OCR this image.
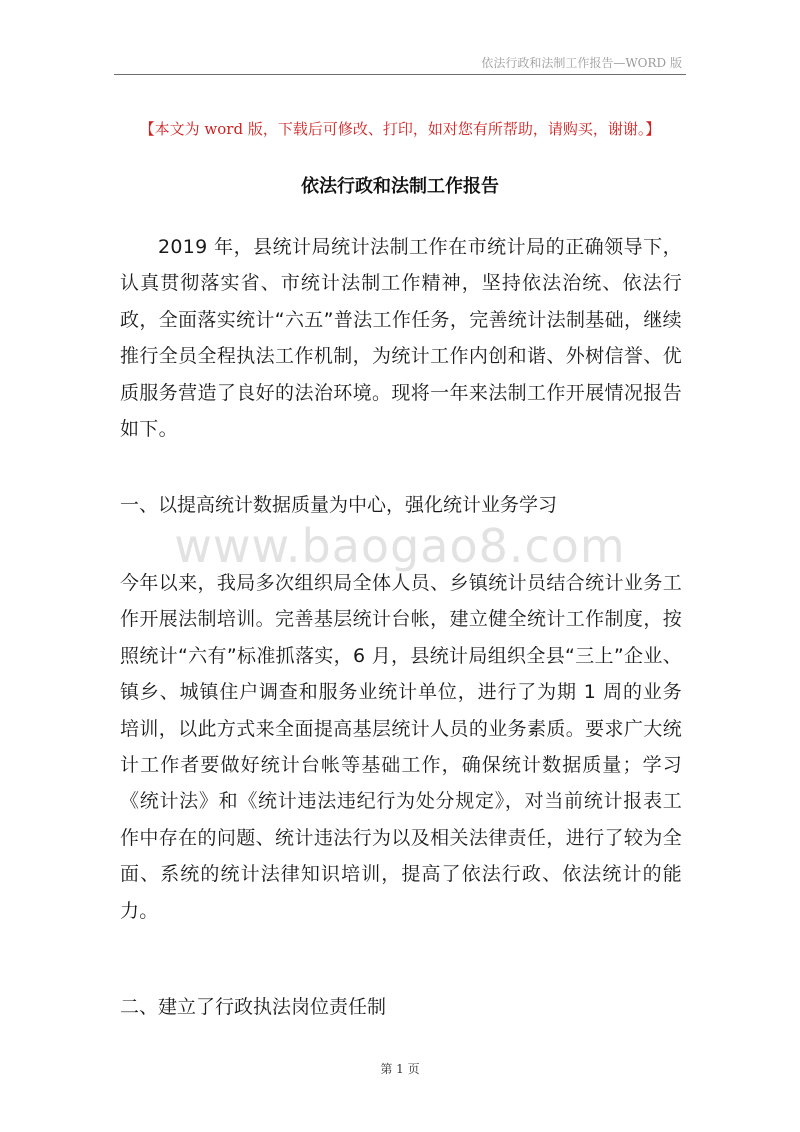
依法行政和法制工作报告—WORD 版
【本文为 word 版，下载后可修改、打印，如对您有所帮助，请购买，谢谢。】
依法行政和法制工作报告

2019 年，县统计局统计法制工作在市统计局的正确领导下，认真贯彻落实省、市统计法制工作精神，坚持依法治统、依法行政，全面落实统计“六五”普法工作任务，完善统计法制基础，继续推行全员全程执法工作机制，为统计工作内创和谐、外树信誉、优质服务营造了良好的法治环境。现将一年来法制工作开展情况报告如下。

一、以提高统计数据质量为中心，强化统计业务学习

www.baogao8.com

今年以来，我局多次组织局全体人员、乡镇统计员结合统计业务工作开展法制培训。完善基层统计台帐，建立健全统计工作制度，按照统计“六有”标准抓落实，6 月，县统计局组织全县“三上”企业、镇乡、城镇住户调查和服务业统计单位，进行了为期 1 周的业务培训，以此方式来全面提高基层统计人员的业务素质。要求广大统计工作者要做好统计台帐等基础工作，确保统计数据质量；学习《统计法》和《统计违法违纪行为处分规定》，对当前统计报表工作中存在的问题、统计违法行为以及相关法律责任，进行了较为全面、系统的统计法律知识培训，提高了依法行政、依法统计的能力。

二、建立了行政执法岗位责任制

第 1 页
